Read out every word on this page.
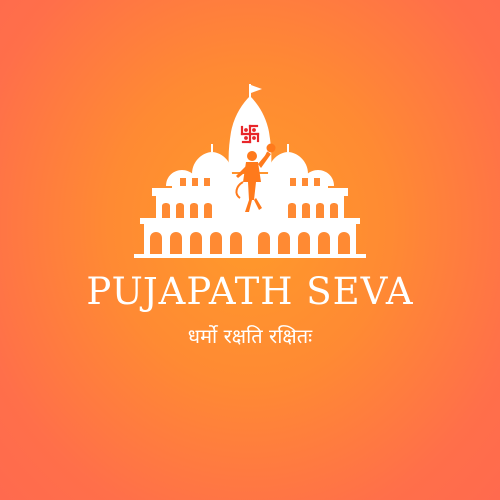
PUJAPATH SEVA
धर्मो रक्षति रक्षितः
